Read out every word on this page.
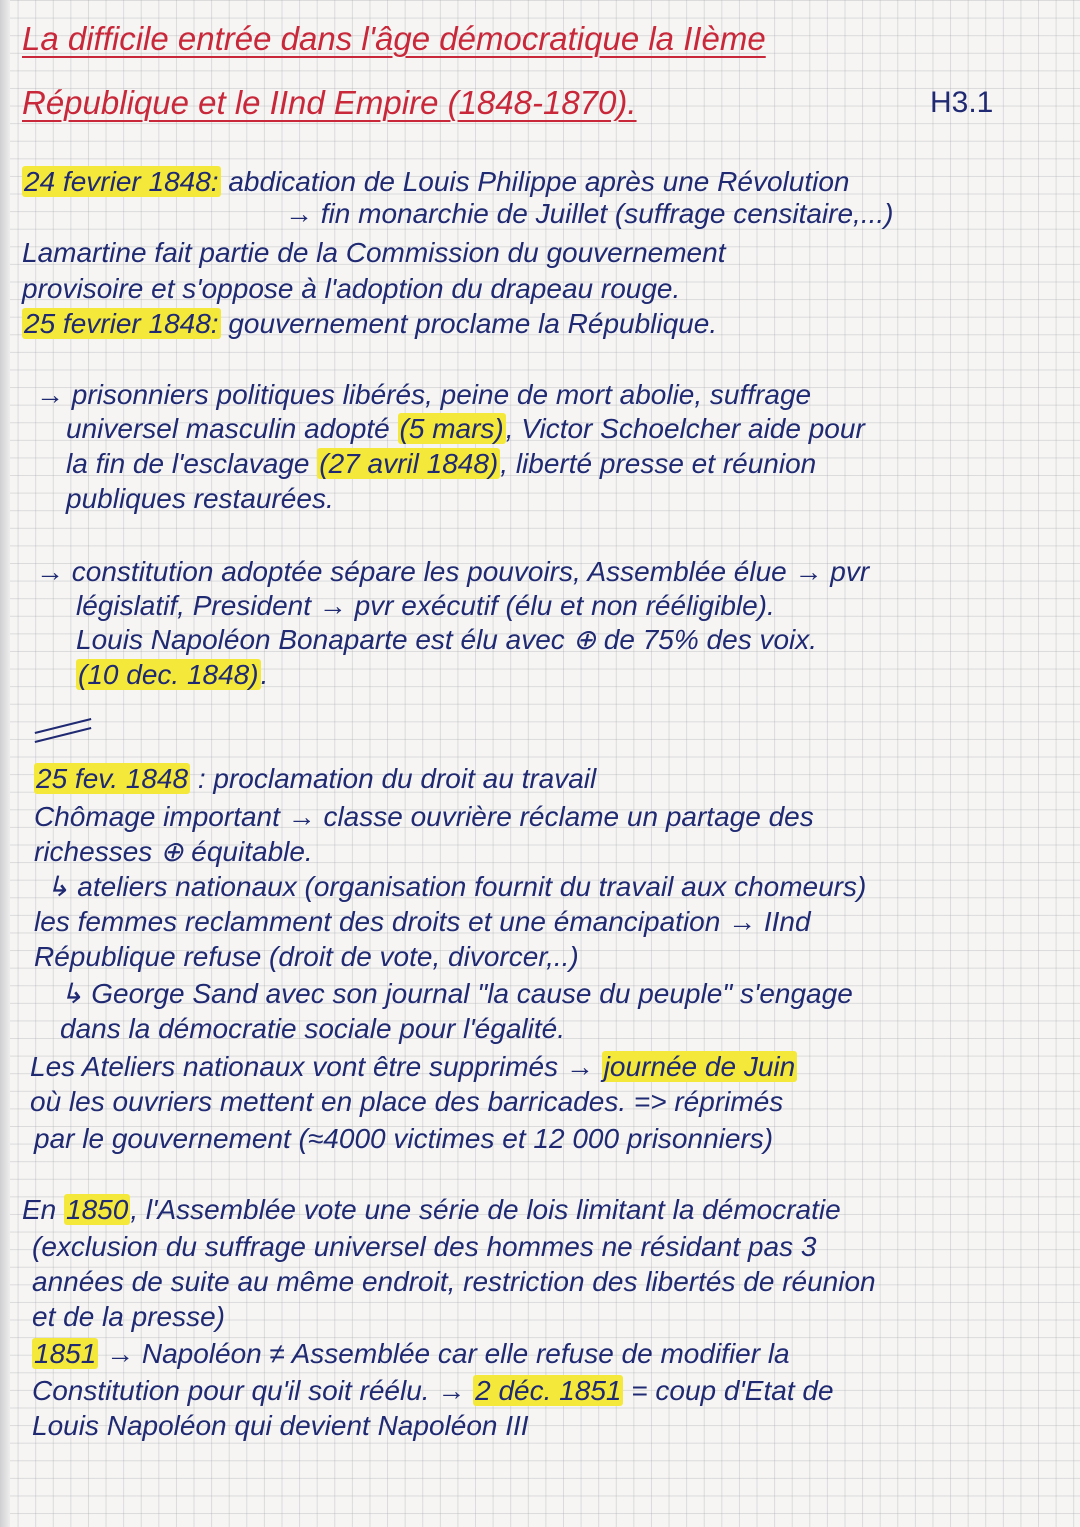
La difficile entrée dans l'âge démocratique la IIème
République et le IInd Empire (1848-1870).	H3.1
24 fevrier 1848: abdication de Louis Philippe après une Révolution
→ fin monarchie de Juillet (suffrage censitaire,...)
Lamartine fait partie de la Commission du gouvernement
provisoire et s'oppose à l'adoption du drapeau rouge.
25 fevrier 1848: gouvernement proclame la République.
→ prisonniers politiques libérés, peine de mort abolie, suffrage
universel masculin adopté (5 mars), Victor Schoelcher aide pour
la fin de l'esclavage (27 avril 1848), liberté presse et réunion
publiques restaurées.
→ constitution adoptée sépare les pouvoirs, Assemblée élue → pvr
législatif, President → pvr exécutif (élu et non rééligible).
Louis Napoléon Bonaparte est élu avec ⊕ de 75% des voix.
(10 dec. 1848).
25 fev. 1848 : proclamation du droit au travail
Chômage important → classe ouvrière réclame un partage des
richesses ⊕ équitable.
↳ ateliers nationaux (organisation fournit du travail aux chomeurs)
les femmes reclamment des droits et une émancipation → IInd
République refuse (droit de vote, divorcer,..)
↳ George Sand avec son journal "la cause du peuple" s'engage
dans la démocratie sociale pour l'égalité.
Les Ateliers nationaux vont être supprimés → journée de Juin
où les ouvriers mettent en place des barricades. => réprimés
par le gouvernement (≈4000 victimes et 12 000 prisonniers)
En 1850, l'Assemblée vote une série de lois limitant la démocratie
(exclusion du suffrage universel des hommes ne résidant pas 3
années de suite au même endroit, restriction des libertés de réunion
et de la presse)
1851 → Napoléon ≠ Assemblée car elle refuse de modifier la
Constitution pour qu'il soit réélu. → 2 déc. 1851 = coup d'Etat de
Louis Napoléon qui devient Napoléon III
